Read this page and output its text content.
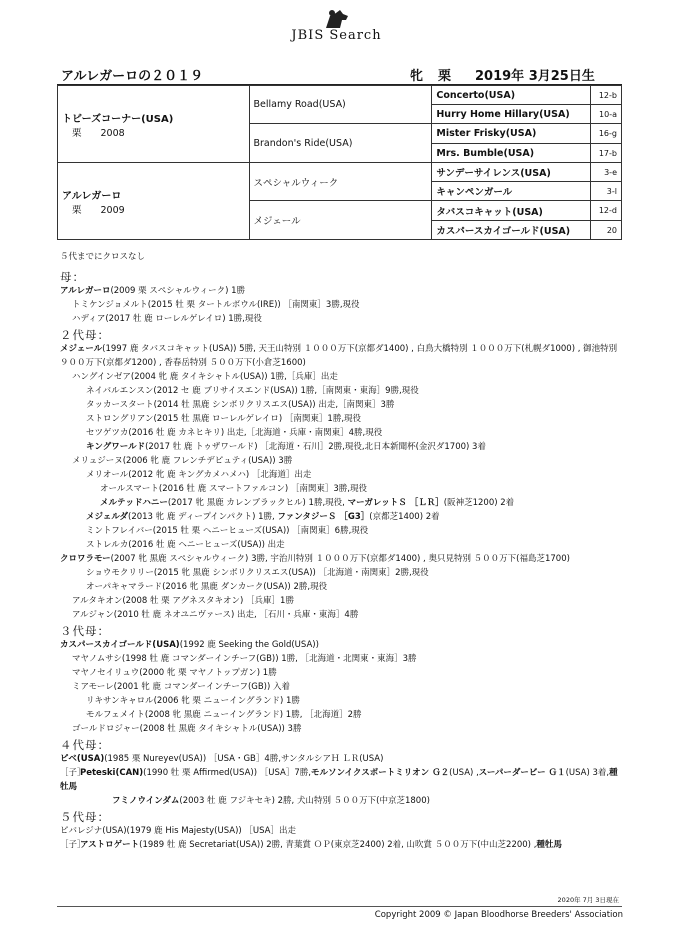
JBIS Search
アルレガーロの２０１９	牝 栗 2019年 3月25日生
トビーズコーナー(USA)
栗　　2008	Bellamy Road(USA)	Concerto(USA)	12-b
		Hurry Home Hillary(USA)	10-a
	Brandon's Ride(USA)	Mister Frisky(USA)	16-g
		Mrs. Bumble(USA)	17-b

アルレガーロ
栗　　2009	スペシャルウィーク	サンデーサイレンス(USA)	3-e
		キャンペンガール	3-l
	メジェール	タバスコキャット(USA)	12-d
		カスパースカイゴールド(USA)	20
５代までにクロスなし
母：
アルレガーロ(2009 栗 スペシャルウィーク) 1勝
トミケンジョメルト(2015 牡 栗 タートルボウル(IRE)) ［南関東］3勝,現役
ハディア(2017 牡 鹿 ローレルゲレイロ) 1勝,現役
２代母：
メジェール(1997 鹿 タバスコキャット(USA)) 5勝, 天王山特別 １０００万下(京都ダ1400) , 白鳥大橋特別 １０００万下(札幌ダ1000) , 御池特別 ９００万下(京都ダ1200) , 香春岳特別 ５００万下(小倉芝1600)
ハングインゼア(2004 牝 鹿 タイキシャトル(USA)) 1勝,［兵庫］出走
ネイバルエンスン(2012 セ 鹿 ブリサイスエンド(USA)) 1勝,［南関東・東海］9勝,現役
タッカースタート(2014 牡 黒鹿 シンボリクリスエス(USA)) 出走,［南関東］3勝
ストロングリアン(2015 牡 黒鹿 ローレルゲレイロ) ［南関東］1勝,現役
セツゲツカ(2016 牡 鹿 カネヒキリ) 出走,［北海道・兵庫・南関東］4勝,現役
キングワールド(2017 牡 鹿 トゥザワールド) ［北海道・石川］2勝,現役,北日本新聞杯(金沢ダ1700) 3着
メリュジーヌ(2006 牝 鹿 フレンチデピュティ(USA)) 3勝
メリオール(2012 牝 鹿 キングカメハメハ) ［北海道］出走
オールスマート(2016 牡 鹿 スマートファルコン) ［南関東］3勝,現役
メルテッドハニー(2017 牝 黒鹿 カレンブラックヒル) 1勝,現役, マーガレットＳ ［ＬＲ］(阪神芝1200) 2着
メジェルダ(2013 牝 鹿 ディープインパクト) 1勝, ファンタジーＳ ［G3］(京都芝1400) 2着
ミントフレイバー(2015 牡 栗 ヘニーヒューズ(USA)) ［南関東］6勝,現役
ストレルカ(2016 牡 鹿 ヘニーヒューズ(USA)) 出走
クロワラモー(2007 牝 黒鹿 スペシャルウィーク) 3勝, 宇治川特別 １０００万下(京都ダ1400) , 奥只見特別 ５００万下(福島芝1700)
ショウモクリリー(2015 牝 黒鹿 シンボリクリスエス(USA)) ［北海道・南関東］2勝,現役
オーパキャマラード(2016 牝 黒鹿 ダンカーク(USA)) 2勝,現役
アルタキオン(2008 牡 栗 アグネスタキオン) ［兵庫］1勝
アルジャン(2010 牡 鹿 ネオユニヴァース) 出走, ［石川・兵庫・東海］4勝
３代母：
カスパースカイゴールド(USA)(1992 鹿 Seeking the Gold(USA))
マヤノムサシ(1998 牡 鹿 コマンダーインチーフ(GB)) 1勝, ［北海道・北関東・東海］3勝
マヤノセイリュウ(2000 牝 栗 マヤノトップガン) 1勝
ミアモーレ(2001 牝 鹿 コマンダーインチーフ(GB)) 入着
リキサンキャロル(2006 牝 栗 ニューイングランド) 1勝
モルフェメイト(2008 牝 黒鹿 ニューイングランド) 1勝, ［北海道］2勝
ゴールドロジャー(2008 牡 黒鹿 タイキシャトル(USA)) 3勝
４代母：
ピベ(USA)(1985 栗 Nureyev(USA)) ［USA・GB］4勝,サンタルシアＨ ＬＲ(USA)
［子］Peteski(CAN)(1990 牡 栗 Affirmed(USA)) ［USA］7勝,モルソンイクスポートミリオン Ｇ２(USA) ,スーパーダービー Ｇ１(USA) 3着,種牡馬
フミノウインダム(2003 牡 鹿 フジキセキ) 2勝, 犬山特別 ５００万下(中京芝1800)
５代母：
ピバレジナ(USA)(1979 鹿 His Majesty(USA)) ［USA］出走
［子］アストロゲート(1989 牡 鹿 Secretariat(USA)) 2勝, 青葉賞 ＯＰ(東京芝2400) 2着, 山吹賞 ５００万下(中山芝2200) ,種牡馬
2020年 7月 3日現在
Copyright 2009 © Japan Bloodhorse Breeders' Association
